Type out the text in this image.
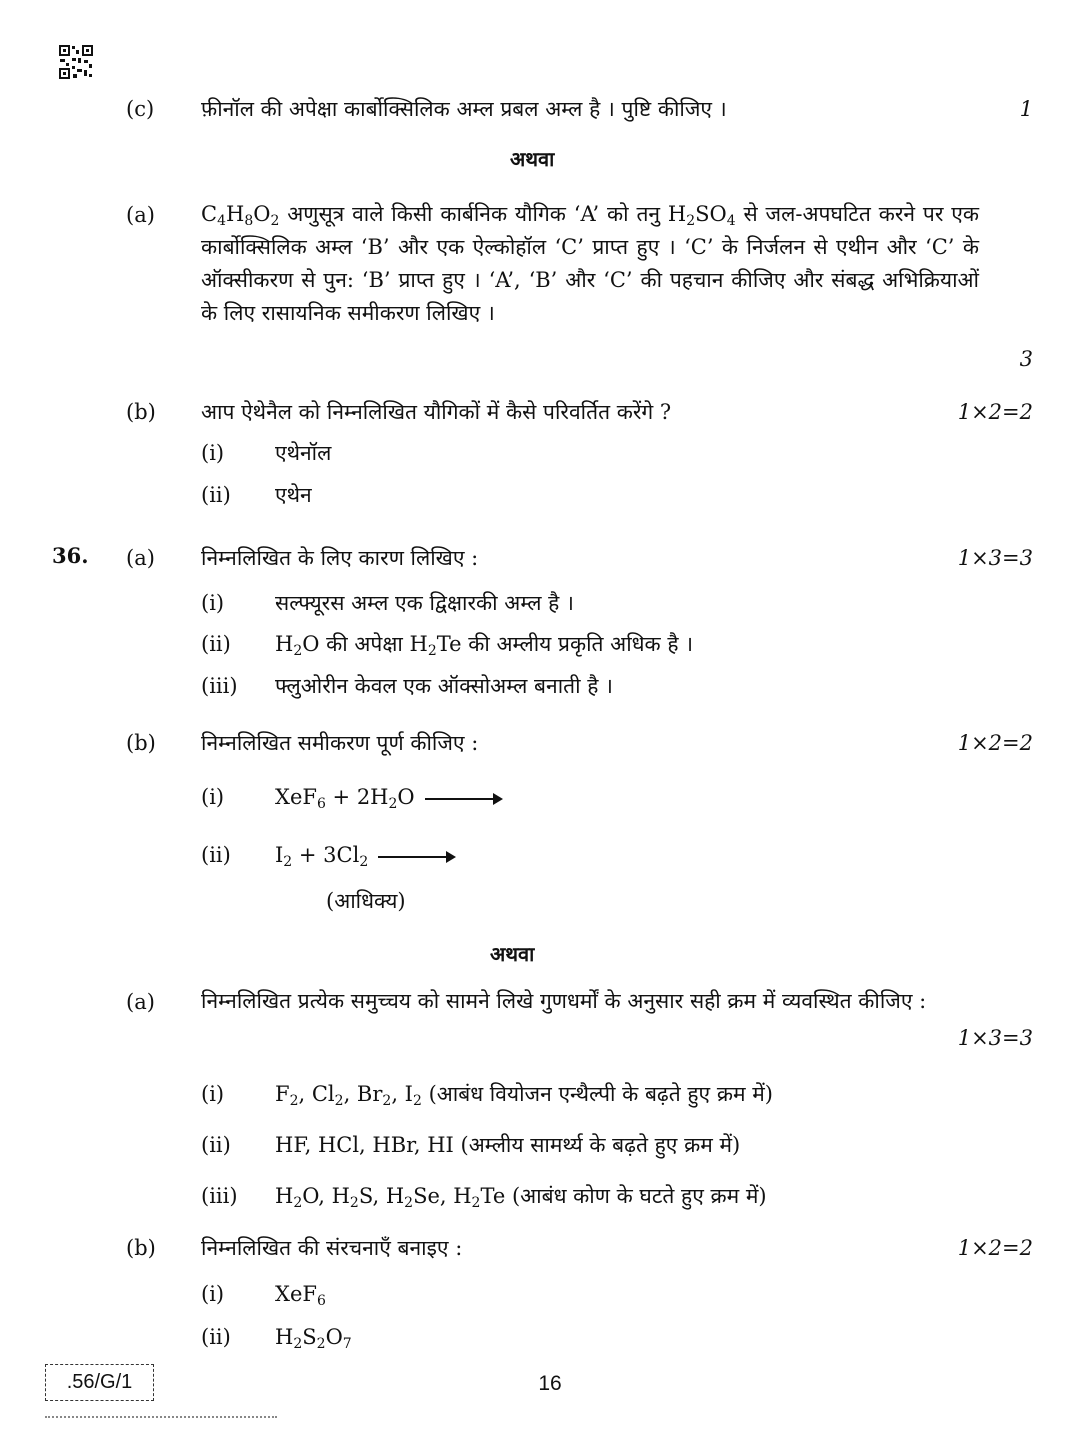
(c) फ़ीनॉल की अपेक्षा कार्बोक्सिलिक अम्ल प्रबल अम्ल है । पुष्टि कीजिए ।	1
अथवा
(a) $C_4H_8O_2$ अणुसूत्र वाले किसी कार्बनिक यौगिक ‘A’ को तनु $H_2SO_4$ से जल-अपघटित करने पर एक कार्बोक्सिलिक अम्ल ‘B’ और एक ऐल्कोहॉल ‘C’ प्राप्त हुए । ‘C’ के निर्जलन से एथीन और ‘C’ के ऑक्सीकरण से पुन: ‘B’ प्राप्त हुए । ‘A’, ‘B’ और ‘C’ की पहचान कीजिए और संबद्ध अभिक्रियाओं के लिए रासायनिक समीकरण लिखिए ।
3
(b) आप ऐथेनैल को निम्नलिखित यौगिकों में कैसे परिवर्तित करेंगे ?	1×2=2
(i) एथेनॉल
(ii) एथेन
36. (a) निम्नलिखित के लिए कारण लिखिए :	1×3=3
(i) सल्फ्यूरस अम्ल एक द्विक्षारकी अम्ल है ।
(ii) $H_2O$ की अपेक्षा $H_2Te$ की अम्लीय प्रकृति अधिक है ।
(iii) फ्लुओरीन केवल एक ऑक्सोअम्ल बनाती है ।
(b) निम्नलिखित समीकरण पूर्ण कीजिए :	1×2=2
(i) $XeF_6 + 2H_2O$ →
(ii) $I_2 + 3Cl_2$ →
(आधिक्य)
अथवा
(a) निम्नलिखित प्रत्येक समुच्चय को सामने लिखे गुणधर्मों के अनुसार सही क्रम में व्यवस्थित कीजिए :
1×3=3
(i) $F_2$, $Cl_2$, $Br_2$, $I_2$ (आबंध वियोजन एन्थैल्पी के बढ़ते हुए क्रम में)
(ii) HF, HCl, HBr, HI (अम्लीय सामर्थ्य के बढ़ते हुए क्रम में)
(iii) $H_2O$, $H_2S$, $H_2Se$, $H_2Te$ (आबंध कोण के घटते हुए क्रम में)
(b) निम्नलिखित की संरचनाएँ बनाइए :	1×2=2
(i) XeF$_6$
(ii) $H_2S_2O_7$
.56/G/1	16
